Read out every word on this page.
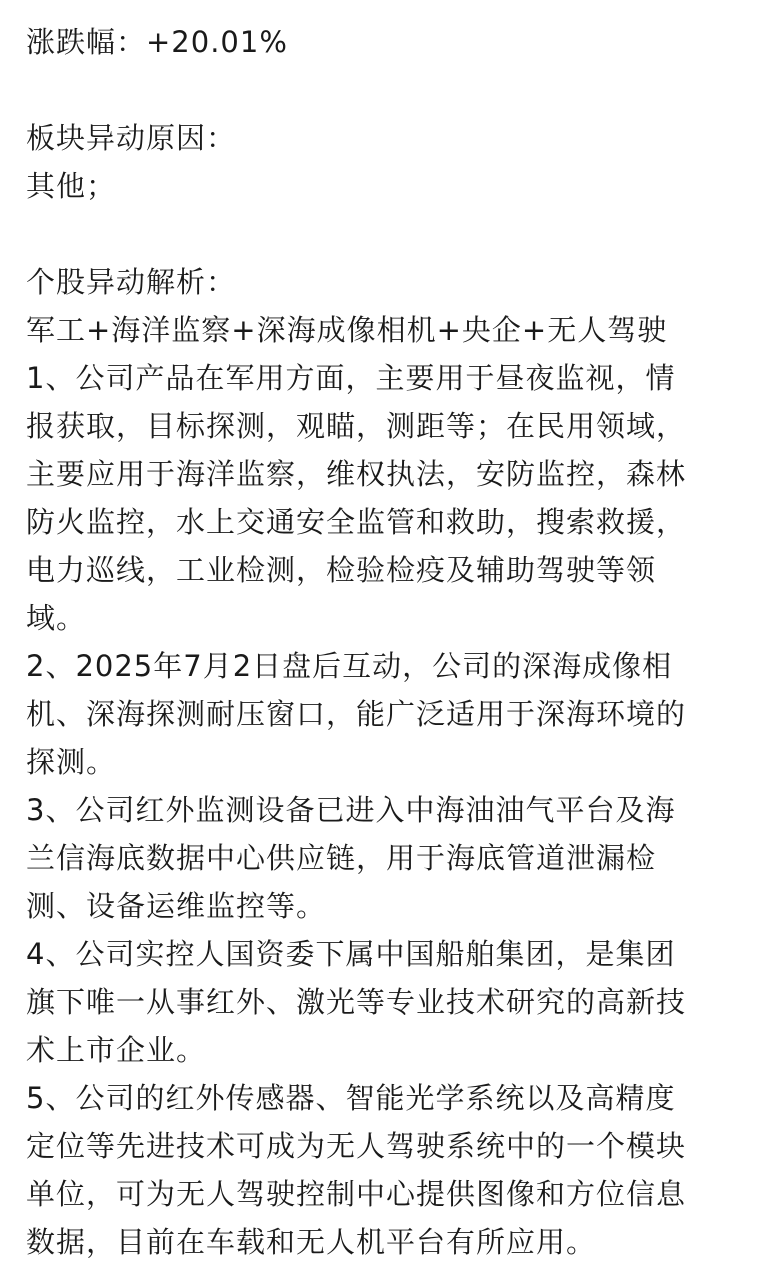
涨跌幅：+20.01%
板块异动原因：
其他；
个股异动解析：
军工+海洋监察+深海成像相机+央企+无人驾驶
1、公司产品在军用方面，主要用于昼夜监视，情
报获取，目标探测，观瞄，测距等；在民用领域，
主要应用于海洋监察，维权执法，安防监控，森林
防火监控，水上交通安全监管和救助，搜索救援，
电力巡线，工业检测，检验检疫及辅助驾驶等领
域。
2、2025年7月2日盘后互动，公司的深海成像相
机、深海探测耐压窗口，能广泛适用于深海环境的
探测。
3、公司红外监测设备已进入中海油油气平台及海
兰信海底数据中心供应链，用于海底管道泄漏检
测、设备运维监控等。
4、公司实控人国资委下属中国船舶集团，是集团
旗下唯一从事红外、激光等专业技术研究的高新技
术上市企业。
5、公司的红外传感器、智能光学系统以及高精度
定位等先进技术可成为无人驾驶系统中的一个模块
单位，可为无人驾驶控制中心提供图像和方位信息
数据，目前在车载和无人机平台有所应用。
